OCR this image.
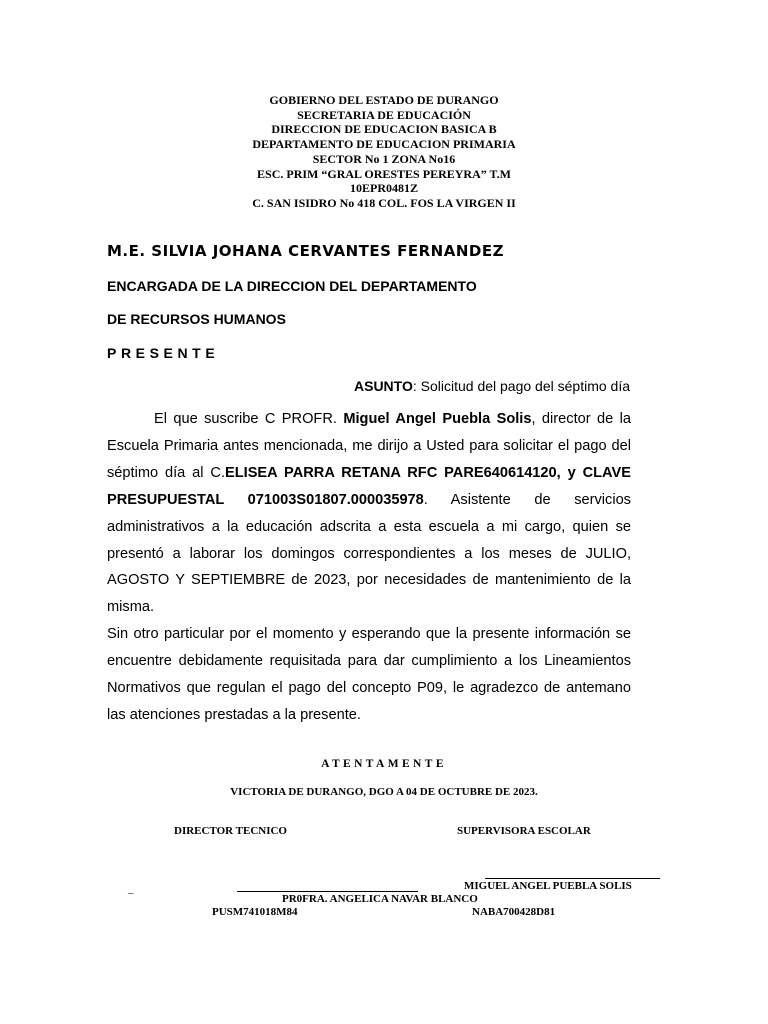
GOBIERNO DEL ESTADO DE DURANGO
SECRETARIA DE EDUCACIÓN
DIRECCION DE EDUCACION BASICA B
DEPARTAMENTO DE EDUCACION PRIMARIA
SECTOR No 1 ZONA No16
ESC. PRIM “GRAL ORESTES PEREYRA” T.M
10EPR0481Z
C. SAN ISIDRO No 418 COL. FOS LA VIRGEN II
M.E. SILVIA JOHANA CERVANTES FERNANDEZ
ENCARGADA DE LA DIRECCION DEL DEPARTAMENTO
DE RECURSOS HUMANOS
PRESENTE
ASUNTO: Solicitud del pago del séptimo día

El que suscribe C PROFR. Miguel Angel Puebla Solis, director de la Escuela Primaria antes mencionada, me dirijo a Usted para solicitar el pago del séptimo día al C.ELISEA PARRA RETANA RFC PARE640614120, y CLAVE PRESUPUESTAL 071003S01807.000035978. Asistente de servicios administrativos a la educación adscrita a esta escuela a mi cargo, quien se presentó a laborar los domingos correspondientes a los meses de JULIO, AGOSTO Y SEPTIEMBRE de 2023, por necesidades de mantenimiento de la misma.

Sin otro particular por el momento y esperando que la presente información se encuentre debidamente requisitada para dar cumplimiento a los Lineamientos Normativos que regulan el pago del concepto P09, le agradezco de antemano las atenciones prestadas a la presente.

ATENTAMENTE
VICTORIA DE DURANGO, DGO A 04 DE OCTUBRE DE 2023.
DIRECTOR TECNICO	SUPERVISORA ESCOLAR
_	MIGUEL ANGEL PUEBLA SOLIS
PR0FRA. ANGELICA NAVAR BLANCO
PUSM741018M84	NABA700428D81
